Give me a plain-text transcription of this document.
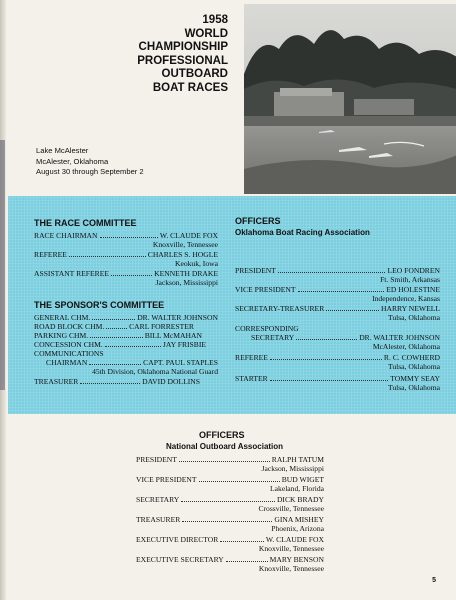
1958
WORLD
CHAMPIONSHIP
PROFESSIONAL
OUTBOARD
BOAT RACES
Lake McAlester
McAlester, Oklahoma
August 30 through September 2
THE RACE COMMITTEE
RACE CHAIRMAN	W. CLAUDE FOX
Knoxville, Tennessee
REFEREE	CHARLES S. HOGLE
Keokuk, Iowa
ASSISTANT REFEREE	KENNETH DRAKE
Jackson, Mississippi
THE SPONSOR'S COMMITTEE
GENERAL CHM.	DR. WALTER JOHNSON
ROAD BLOCK CHM.	CARL FORRESTER
PARKING CHM.	BILL McMAHAN
CONCESSION CHM.	JAY FRISBIE
COMMUNICATIONS
CHAIRMAN	CAPT. PAUL STAPLES
45th Division, Oklahoma National Guard
TREASURER	DAVID DOLLINS
OFFICERS
Oklahoma Boat Racing Association
PRESIDENT	LEO FONDREN
Ft. Smith, Arkansas
VICE PRESIDENT	ED HOLESTINE
Independence, Kansas
SECRETARY-TREASURER	HARRY NEWELL
Tulsa, Oklahoma
CORRESPONDING
SECRETARY	DR. WALTER JOHNSON
McAlester, Oklahoma
REFEREE	R. C. COWHERD
Tulsa, Oklahoma
STARTER	TOMMY SEAY
Tulsa, Oklahoma
OFFICERS
National Outboard Association
PRESIDENT	RALPH TATUM
Jackson, Mississippi
VICE PRESIDENT	BUD WIGET
Lakeland, Florida
SECRETARY	DICK BRADY
Crossville, Tennessee
TREASURER	GINA MISHEY
Phoenix, Arizona
EXECUTIVE DIRECTOR	W. CLAUDE FOX
Knoxville, Tennessee
EXECUTIVE SECRETARY	MARY BENSON
Knoxville, Tennessee
5
